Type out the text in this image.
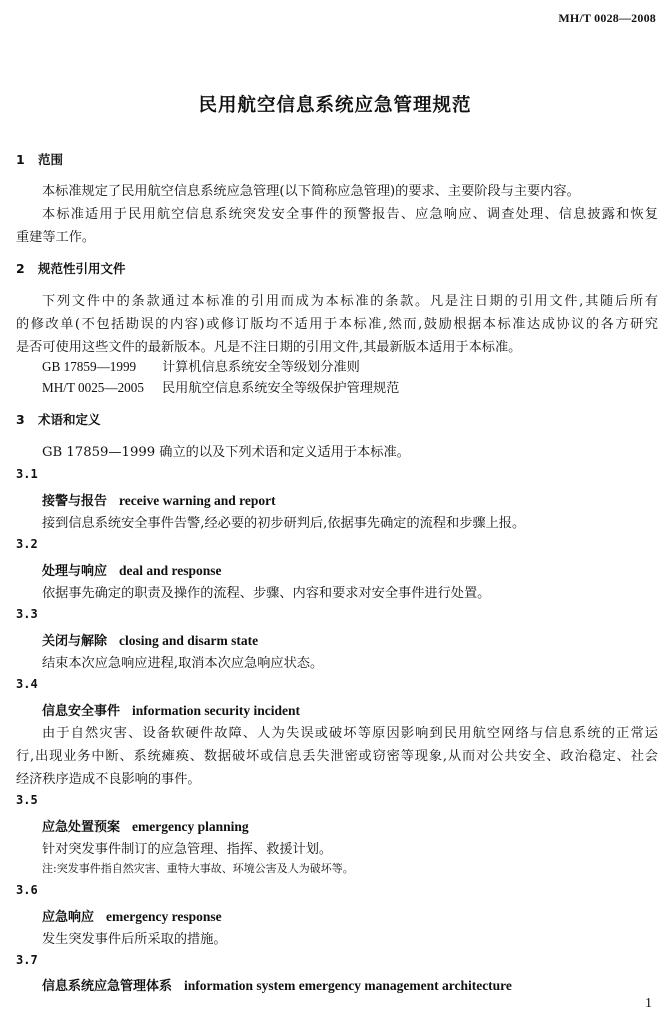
MH/T 0028—2008
民用航空信息系统应急管理规范
1 范围
本标准规定了民用航空信息系统应急管理(以下简称应急管理)的要求、主要阶段与主要内容。
本标准适用于民用航空信息系统突发安全事件的预警报告、应急响应、调查处理、信息披露和恢复
重建等工作。
2 规范性引用文件
下列文件中的条款通过本标准的引用而成为本标准的条款。凡是注日期的引用文件,其随后所有
的修改单(不包括勘误的内容)或修订版均不适用于本标准,然而,鼓励根据本标准达成协议的各方研究
是否可使用这些文件的最新版本。凡是不注日期的引用文件,其最新版本适用于本标准。
GB 17859—1999 计算机信息系统安全等级划分准则
MH/T 0025—2005 民用航空信息系统安全等级保护管理规范
3 术语和定义
GB 17859—1999 确立的以及下列术语和定义适用于本标准。
3.1
接警与报告 receive warning and report
接到信息系统安全事件告警,经必要的初步研判后,依据事先确定的流程和步骤上报。
3.2
处理与响应 deal and response
依据事先确定的职责及操作的流程、步骤、内容和要求对安全事件进行处置。
3.3
关闭与解除 closing and disarm state
结束本次应急响应进程,取消本次应急响应状态。
3.4
信息安全事件 information security incident
由于自然灾害、设备软硬件故障、人为失误或破坏等原因影响到民用航空网络与信息系统的正常运
行,出现业务中断、系统瘫痪、数据破坏或信息丢失泄密或窃密等现象,从而对公共安全、政治稳定、社会
经济秩序造成不良影响的事件。
3.5
应急处置预案 emergency planning
针对突发事件制订的应急管理、指挥、救援计划。
注:突发事件指自然灾害、重特大事故、环境公害及人为破坏等。
3.6
应急响应 emergency response
发生突发事件后所采取的措施。
3.7
信息系统应急管理体系 information system emergency management architecture
1
